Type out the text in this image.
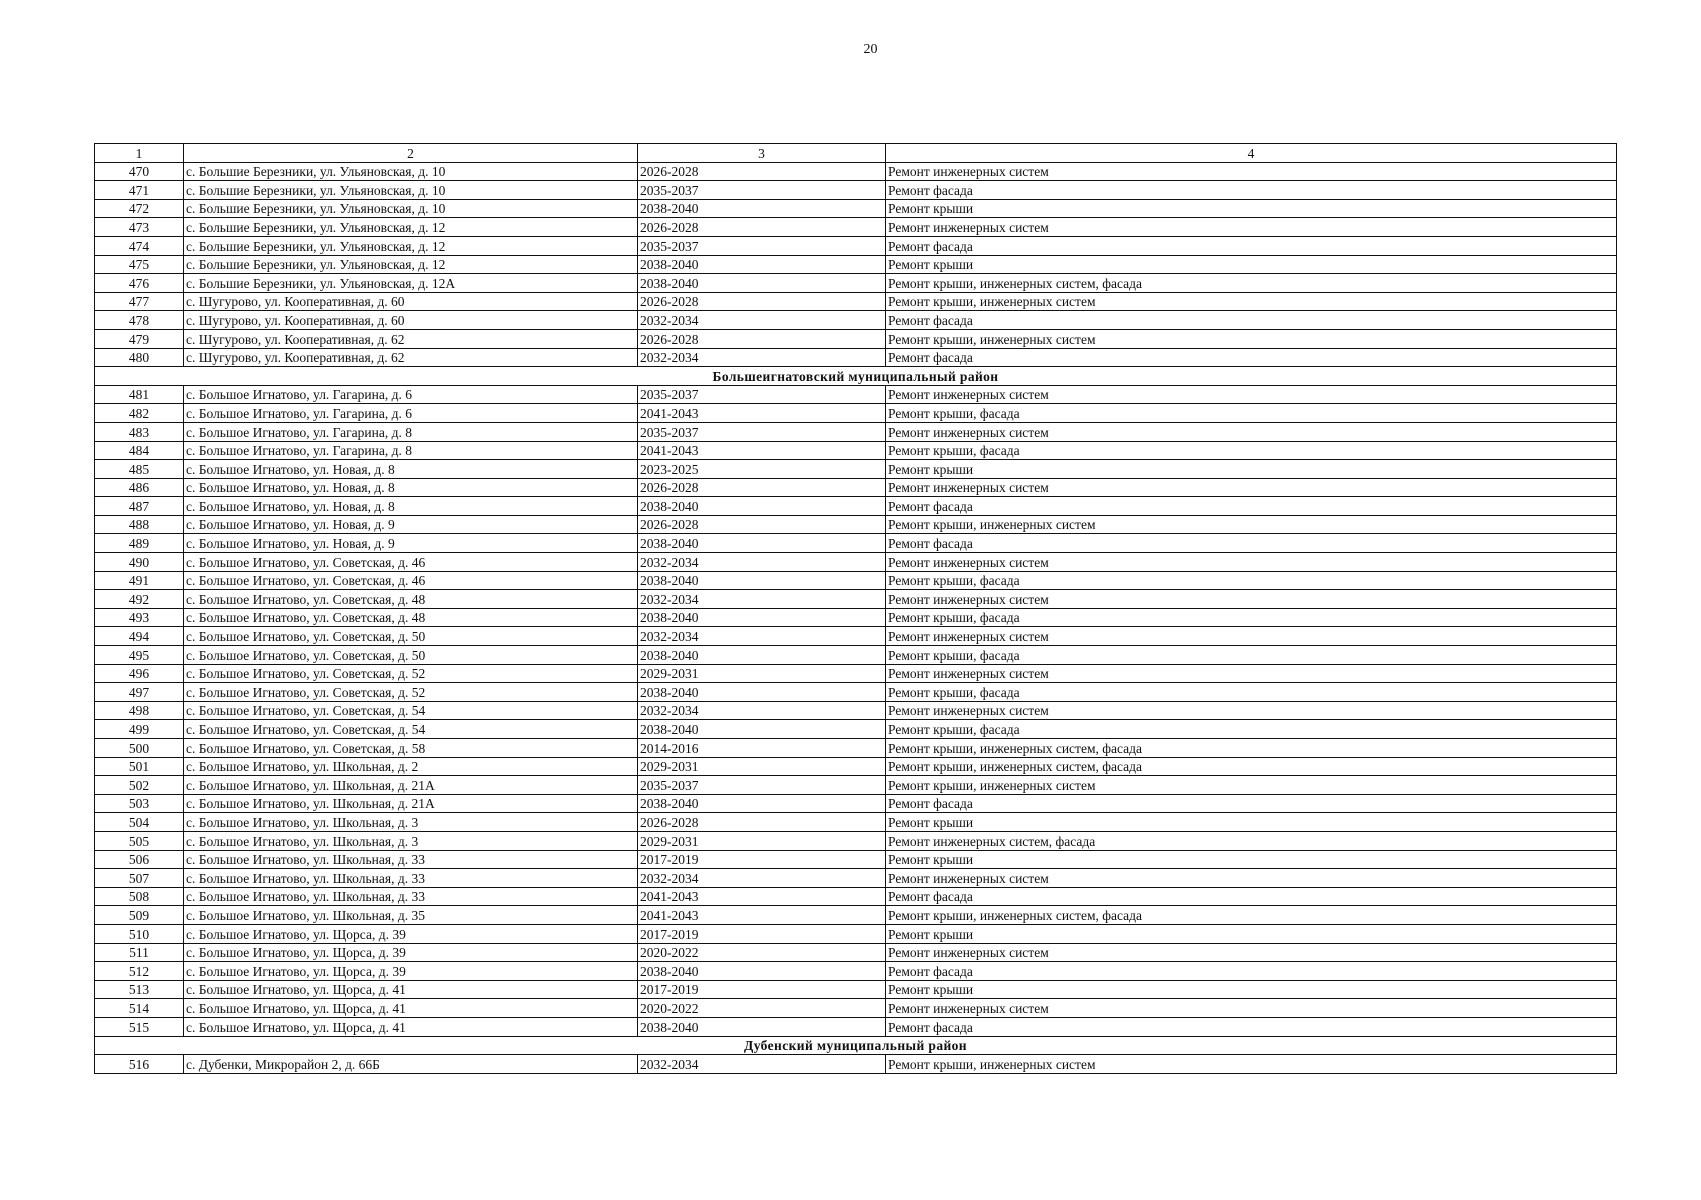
20
1	2	3	4
470	с. Большие Березники, ул. Ульяновская, д. 10	2026-2028	Ремонт инженерных систем
471	с. Большие Березники, ул. Ульяновская, д. 10	2035-2037	Ремонт фасада
472	с. Большие Березники, ул. Ульяновская, д. 10	2038-2040	Ремонт крыши
473	с. Большие Березники, ул. Ульяновская, д. 12	2026-2028	Ремонт инженерных систем
474	с. Большие Березники, ул. Ульяновская, д. 12	2035-2037	Ремонт фасада
475	с. Большие Березники, ул. Ульяновская, д. 12	2038-2040	Ремонт крыши
476	с. Большие Березники, ул. Ульяновская, д. 12А	2038-2040	Ремонт крыши, инженерных систем, фасада
477	с. Шугурово, ул. Кооперативная, д. 60	2026-2028	Ремонт крыши, инженерных систем
478	с. Шугурово, ул. Кооперативная, д. 60	2032-2034	Ремонт фасада
479	с. Шугурово, ул. Кооперативная, д. 62	2026-2028	Ремонт крыши, инженерных систем
480	с. Шугурово, ул. Кооперативная, д. 62	2032-2034	Ремонт фасада
Большеигнатовский муниципальный район			
481	с. Большое Игнатово, ул. Гагарина, д. 6	2035-2037	Ремонт инженерных систем
482	с. Большое Игнатово, ул. Гагарина, д. 6	2041-2043	Ремонт крыши, фасада
483	с. Большое Игнатово, ул. Гагарина, д. 8	2035-2037	Ремонт инженерных систем
484	с. Большое Игнатово, ул. Гагарина, д. 8	2041-2043	Ремонт крыши, фасада
485	с. Большое Игнатово, ул. Новая, д. 8	2023-2025	Ремонт крыши
486	с. Большое Игнатово, ул. Новая, д. 8	2026-2028	Ремонт инженерных систем
487	с. Большое Игнатово, ул. Новая, д. 8	2038-2040	Ремонт фасада
488	с. Большое Игнатово, ул. Новая, д. 9	2026-2028	Ремонт крыши, инженерных систем
489	с. Большое Игнатово, ул. Новая, д. 9	2038-2040	Ремонт фасада
490	с. Большое Игнатово, ул. Советская, д. 46	2032-2034	Ремонт инженерных систем
491	с. Большое Игнатово, ул. Советская, д. 46	2038-2040	Ремонт крыши, фасада
492	с. Большое Игнатово, ул. Советская, д. 48	2032-2034	Ремонт инженерных систем
493	с. Большое Игнатово, ул. Советская, д. 48	2038-2040	Ремонт крыши, фасада
494	с. Большое Игнатово, ул. Советская, д. 50	2032-2034	Ремонт инженерных систем
495	с. Большое Игнатово, ул. Советская, д. 50	2038-2040	Ремонт крыши, фасада
496	с. Большое Игнатово, ул. Советская, д. 52	2029-2031	Ремонт инженерных систем
497	с. Большое Игнатово, ул. Советская, д. 52	2038-2040	Ремонт крыши, фасада
498	с. Большое Игнатово, ул. Советская, д. 54	2032-2034	Ремонт инженерных систем
499	с. Большое Игнатово, ул. Советская, д. 54	2038-2040	Ремонт крыши, фасада
500	с. Большое Игнатово, ул. Советская, д. 58	2014-2016	Ремонт крыши, инженерных систем, фасада
501	с. Большое Игнатово, ул. Школьная, д. 2	2029-2031	Ремонт крыши, инженерных систем, фасада
502	с. Большое Игнатово, ул. Школьная, д. 21А	2035-2037	Ремонт крыши, инженерных систем
503	с. Большое Игнатово, ул. Школьная, д. 21А	2038-2040	Ремонт фасада
504	с. Большое Игнатово, ул. Школьная, д. 3	2026-2028	Ремонт крыши
505	с. Большое Игнатово, ул. Школьная, д. 3	2029-2031	Ремонт инженерных систем, фасада
506	с. Большое Игнатово, ул. Школьная, д. 33	2017-2019	Ремонт крыши
507	с. Большое Игнатово, ул. Школьная, д. 33	2032-2034	Ремонт инженерных систем
508	с. Большое Игнатово, ул. Школьная, д. 33	2041-2043	Ремонт фасада
509	с. Большое Игнатово, ул. Школьная, д. 35	2041-2043	Ремонт крыши, инженерных систем, фасада
510	с. Большое Игнатово, ул. Щорса, д. 39	2017-2019	Ремонт крыши
511	с. Большое Игнатово, ул. Щорса, д. 39	2020-2022	Ремонт инженерных систем
512	с. Большое Игнатово, ул. Щорса, д. 39	2038-2040	Ремонт фасада
513	с. Большое Игнатово, ул. Щорса, д. 41	2017-2019	Ремонт крыши
514	с. Большое Игнатово, ул. Щорса, д. 41	2020-2022	Ремонт инженерных систем
515	с. Большое Игнатово, ул. Щорса, д. 41	2038-2040	Ремонт фасада
Дубенский муниципальный район			
516	с. Дубенки, Микрорайон 2, д. 66Б	2032-2034	Ремонт крыши, инженерных систем
